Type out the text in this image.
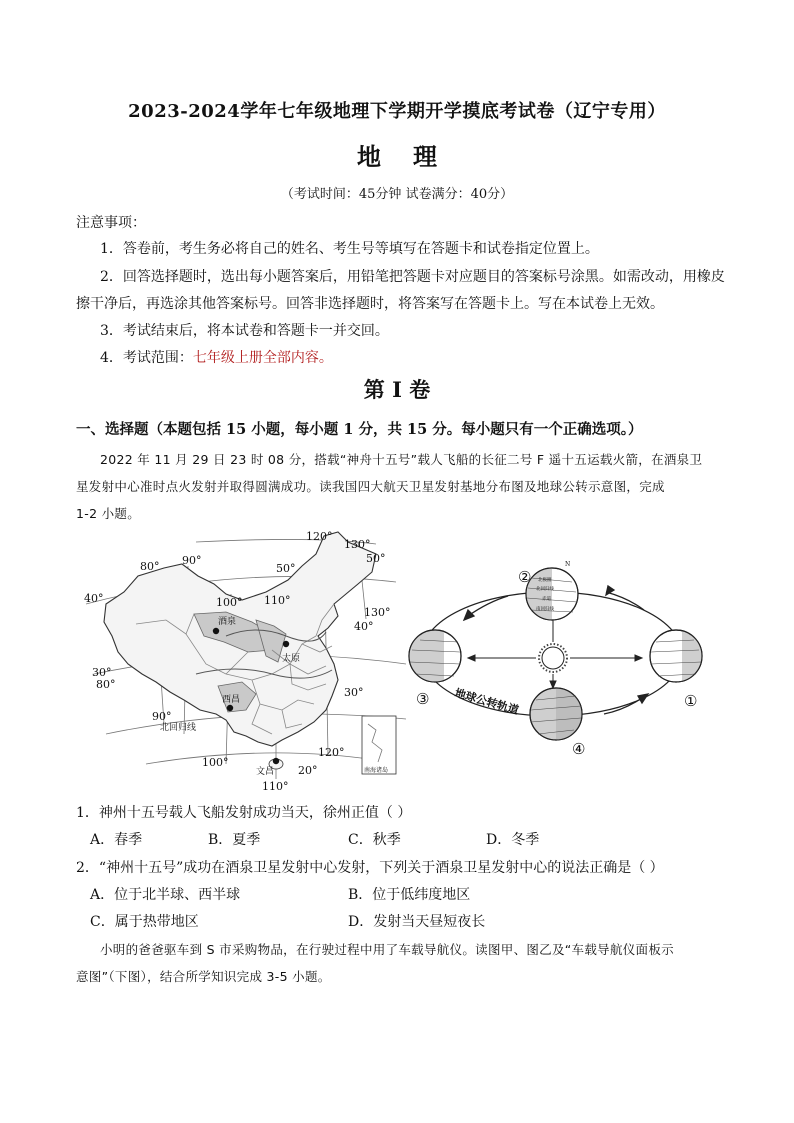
2023-2024学年七年级地理下学期开学摸底考试卷（辽宁专用）
地 理
（考试时间：45分钟 试卷满分：40分）
注意事项：
1．答卷前，考生务必将自己的姓名、考生号等填写在答题卡和试卷指定位置上。
2．回答选择题时，选出每小题答案后，用铅笔把答题卡对应题目的答案标号涂黑。如需改动，用橡皮
擦干净后，再选涂其他答案标号。回答非选择题时，将答案写在答题卡上。写在本试卷上无效。
3．考试结束后，将本试卷和答题卡一并交回。
4．考试范围：七年级上册全部内容。
第 I 卷
一、选择题（本题包括 15 小题，每小题 1 分，共 15 分。每小题只有一个正确选项。）
2022 年 11 月 29 日 23 时 08 分，搭载“神舟十五号”载人飞船的长征二号 F 遥十五运载火箭，在酒泉卫
星发射中心准时点火发射并取得圆满成功。读我国四大航天卫星发射基地分布图及地球公转示意图，完成
1-2 小题。
酒泉
太原
西昌
文昌
北回归线
南海诸岛
80° 90°
100° 110°
120°
130°
90°
100°
110°
120°
50°
50°
40°
40°
30°
30°
20°
80°
130°
北极圈
北回归线
赤道
南回归线
N
①
②
③
④
地球公转轨道
1．神州十五号载人飞船发射成功当天，徐州正值（ ）
A．春季	B．夏季	C．秋季	D．冬季
2．“神州十五号”成功在酒泉卫星发射中心发射，下列关于酒泉卫星发射中心的说法正确是（ ）
A．位于北半球、西半球	B．位于低纬度地区
C．属于热带地区	D．发射当天昼短夜长
小明的爸爸驱车到 S 市采购物品，在行驶过程中用了车载导航仪。读图甲、图乙及“车载导航仪面板示
意图”（下图），结合所学知识完成 3-5 小题。
